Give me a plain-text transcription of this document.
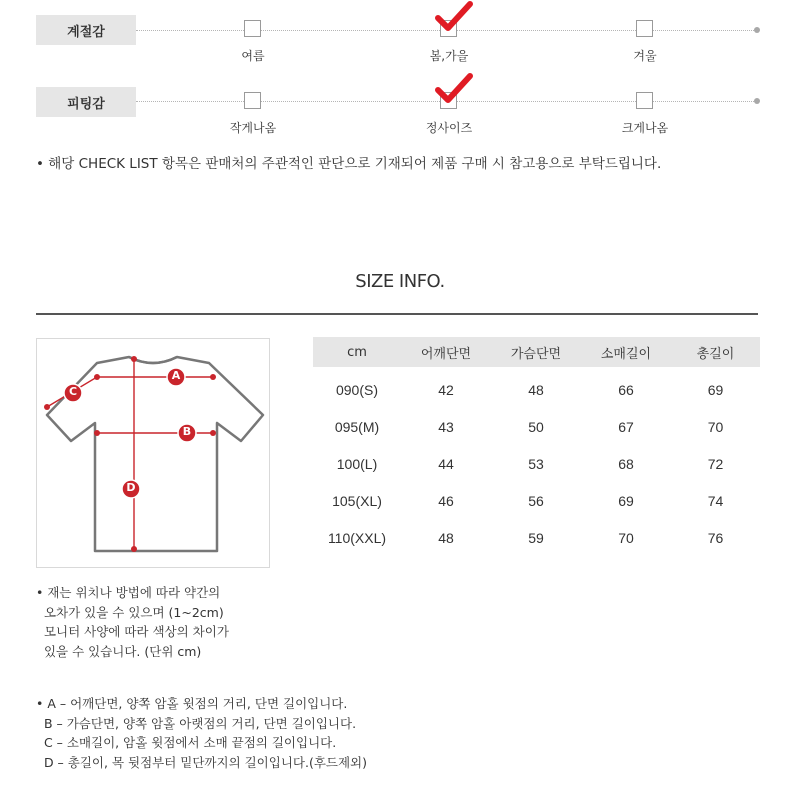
계절감
여름	봄,가을	겨울
피팅감
작게나옴	정사이즈	크게나옴
• 해당 CHECK LIST 항목은 판매처의 주관적인 판단으로 기재되어 제품 구매 시 참고용으로 부탁드립니다.
SIZE INFO.
A
B
C
D
cm	어깨단면	가슴단면	소매길이	총길이
090(S)	42	48	66	69
095(M)	43	50	67	70
100(L)	44	53	68	72
105(XL)	46	56	69	74
110(XXL)	48	59	70	76
• 재는 위치나 방법에 따라 약간의
오차가 있을 수 있으며 (1~2cm)
모니터 사양에 따라 색상의 차이가
있을 수 있습니다. (단위 cm)
• A – 어깨단면, 양쪽 암홀 윗점의 거리, 단면 길이입니다.
B – 가슴단면, 양쪽 암홀 아랫점의 거리, 단면 길이입니다.
C – 소매길이, 암홀 윗점에서 소매 끝점의 길이입니다.
D – 총길이, 목 뒷점부터 밑단까지의 길이입니다.(후드제외)
